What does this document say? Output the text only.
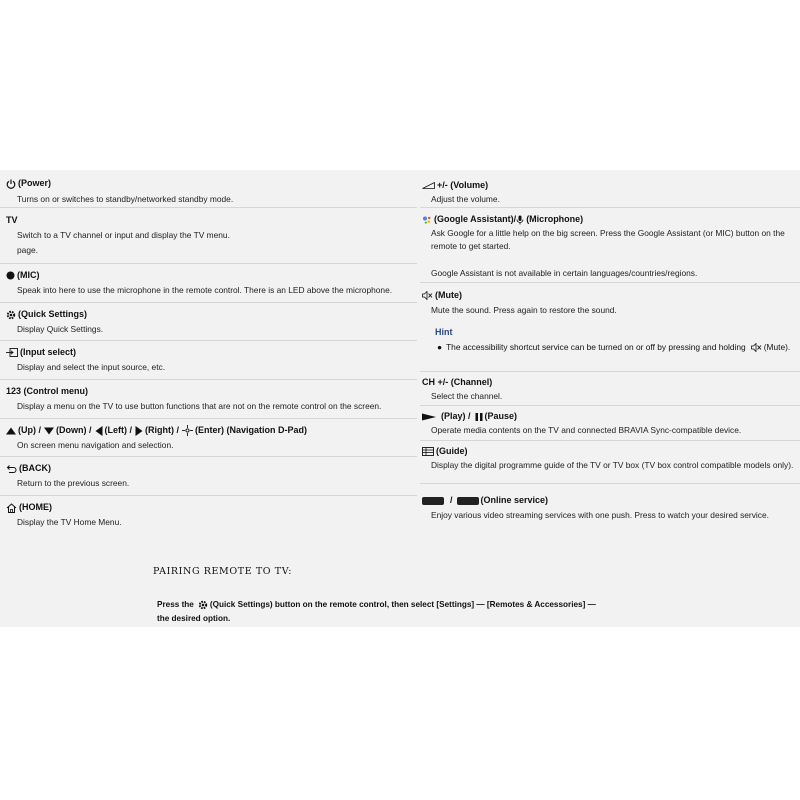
(Power)
Turns on or switches to standby/networked standby mode.
TV
Switch to a TV channel or input and display the TV menu.
page.
(MIC)
Speak into here to use the microphone in the remote control. There is an LED above the microphone.
(Quick Settings)
Display Quick Settings.
(Input select)
Display and select the input source, etc.
123 (Control menu)
Display a menu on the TV to use button functions that are not on the remote control on the screen.
(Up) / (Down) / (Left) / (Right) / (Enter) (Navigation D-Pad)
On screen menu navigation and selection.
(BACK)
Return to the previous screen.
(HOME)
Display the TV Home Menu.
+/- (Volume)
Adjust the volume.
(Google Assistant)/ (Microphone)
Ask Google for a little help on the big screen. Press the Google Assistant (or MIC) button on the
remote to get started.
Google Assistant is not available in certain languages/countries/regions.
(Mute)
Mute the sound. Press again to restore the sound.
Hint
● The accessibility shortcut service can be turned on or off by pressing and holding (Mute).
CH +/- (Channel)
Select the channel.
(Play) / (Pause)
Operate media contents on the TV and connected BRAVIA Sync-compatible device.
(Guide)
Display the digital programme guide of the TV or TV box (TV box control compatible models only).
/	(Online service)
Enjoy various video streaming services with one push. Press to watch your desired service.
PAIRING REMOTE TO TV:
Press the (Quick Settings) button on the remote control, then select [Settings] — [Remotes & Accessories] —
the desired option.
